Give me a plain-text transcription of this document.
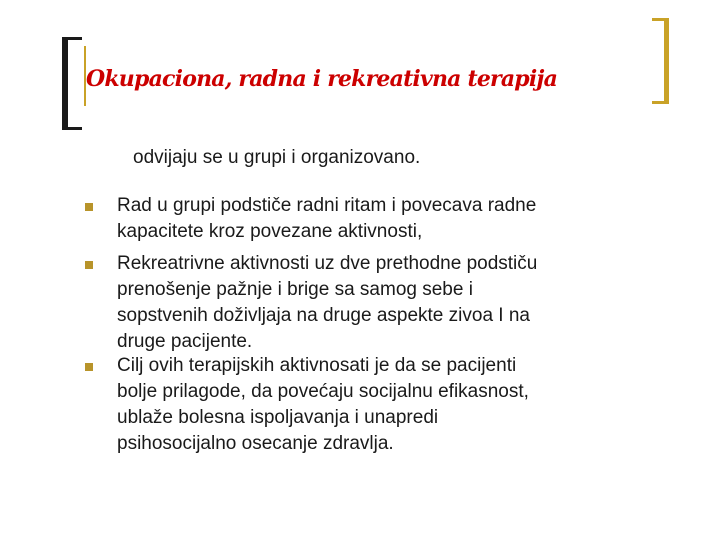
Okupaciona, radna i rekreativna terapija

odvijaju se u grupi i organizovano.

Rad u grupi podstiče radni ritam i povecava radne
kapacitete kroz povezane aktivnosti,
Rekreatrivne aktivnosti uz dve prethodne podstiču
prenošenje pažnje i brige sa samog sebe i
sopstvenih doživljaja na druge aspekte zivoa I na
druge pacijente.
Cilj ovih terapijskih aktivnosati je da se pacijenti
bolje prilagode, da povećaju socijalnu efikasnost,
ublaže bolesna ispoljavanja i unapredi
psihosocijalno osecanje zdravlja.
